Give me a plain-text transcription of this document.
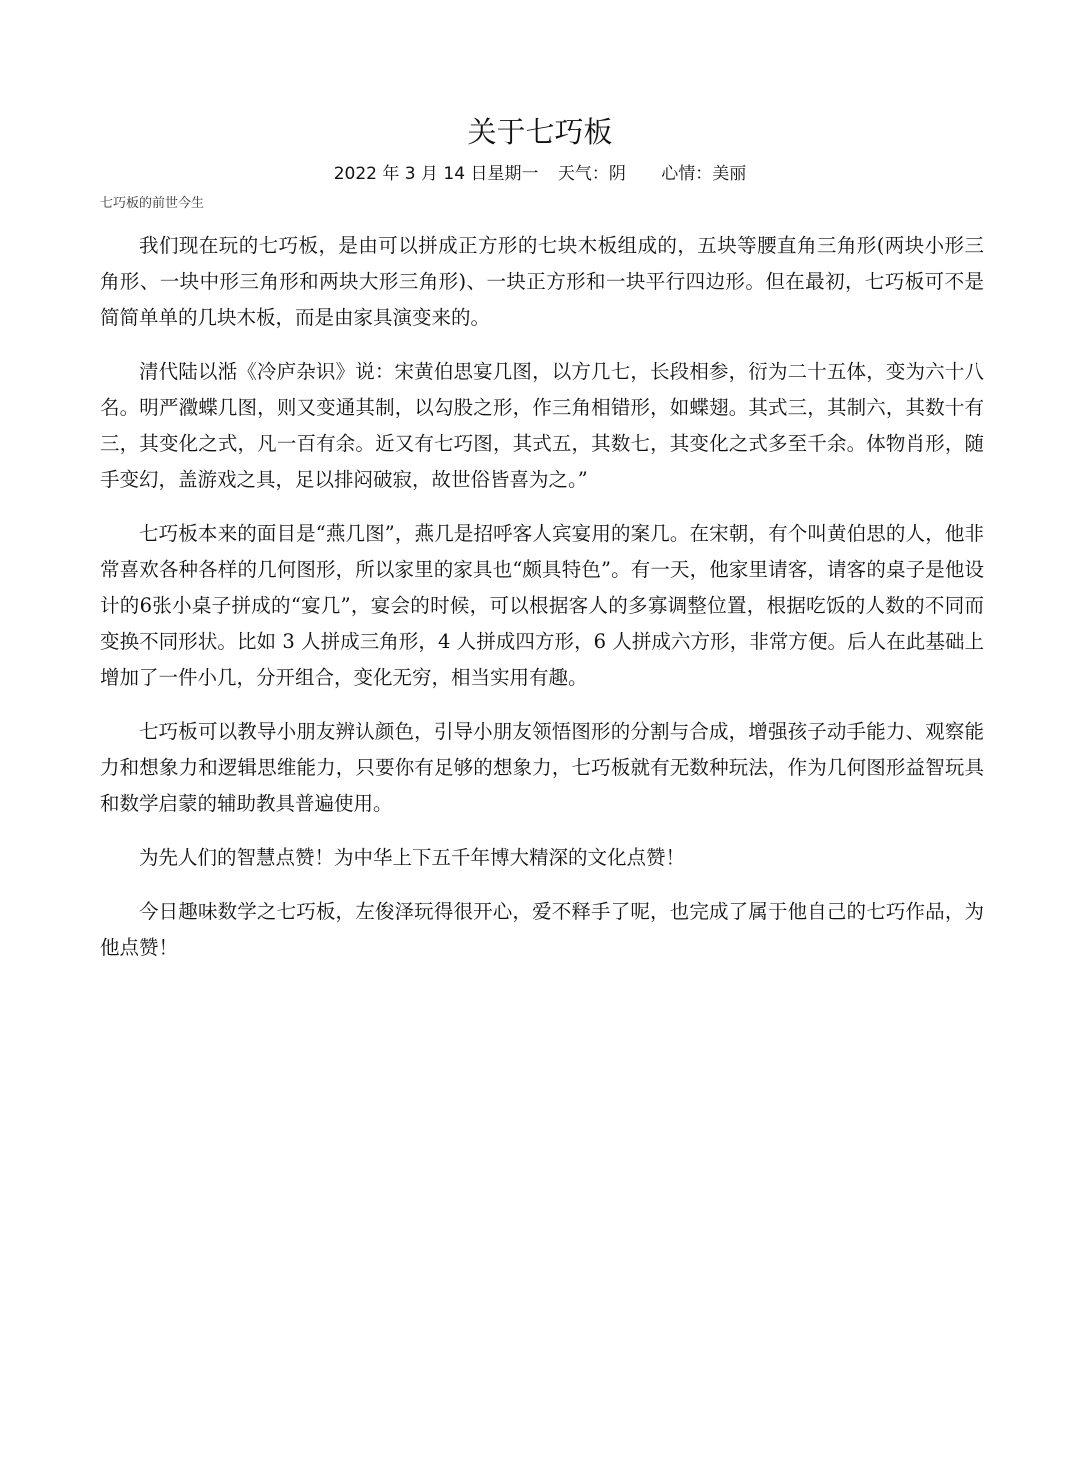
关于七巧板
2022 年 3 月 14 日星期一 天气：阴 心情：美丽
七巧板的前世今生

我们现在玩的七巧板，是由可以拼成正方形的七块木板组成的，五块等腰直角三角形(两块小形三角形、一块中形三角形和两块大形三角形)、一块正方形和一块平行四边形。但在最初，七巧板可不是简简单单的几块木板，而是由家具演变来的。

清代陆以湉《冷庐杂识》说：宋黄伯思宴几图，以方几七，长段相参，衍为二十五体，变为六十八名。明严瀓蝶几图，则又变通其制，以勾股之形，作三角相错形，如蝶翅。其式三，其制六，其数十有三，其变化之式，凡一百有余。近又有七巧图，其式五，其数七，其变化之式多至千余。体物肖形，随手变幻，盖游戏之具，足以排闷破寂，故世俗皆喜为之。”

七巧板本来的面目是“燕几图”，燕几是招呼客人宾宴用的案几。在宋朝，有个叫黄伯思的人，他非常喜欢各种各样的几何图形，所以家里的家具也“颇具特色”。有一天，他家里请客，请客的桌子是他设计的6张小桌子拼成的“宴几”，宴会的时候，可以根据客人的多寡调整位置，根据吃饭的人数的不同而变换不同形状。比如 3 人拼成三角形，4 人拼成四方形，6 人拼成六方形，非常方便。后人在此基础上增加了一件小几，分开组合，变化无穷，相当实用有趣。

七巧板可以教导小朋友辨认颜色，引导小朋友领悟图形的分割与合成，增强孩子动手能力、观察能力和想象力和逻辑思维能力，只要你有足够的想象力，七巧板就有无数种玩法，作为几何图形益智玩具和数学启蒙的辅助教具普遍使用。

为先人们的智慧点赞！为中华上下五千年博大精深的文化点赞！

今日趣味数学之七巧板，左俊泽玩得很开心，爱不释手了呢，也完成了属于他自己的七巧作品，为他点赞！
